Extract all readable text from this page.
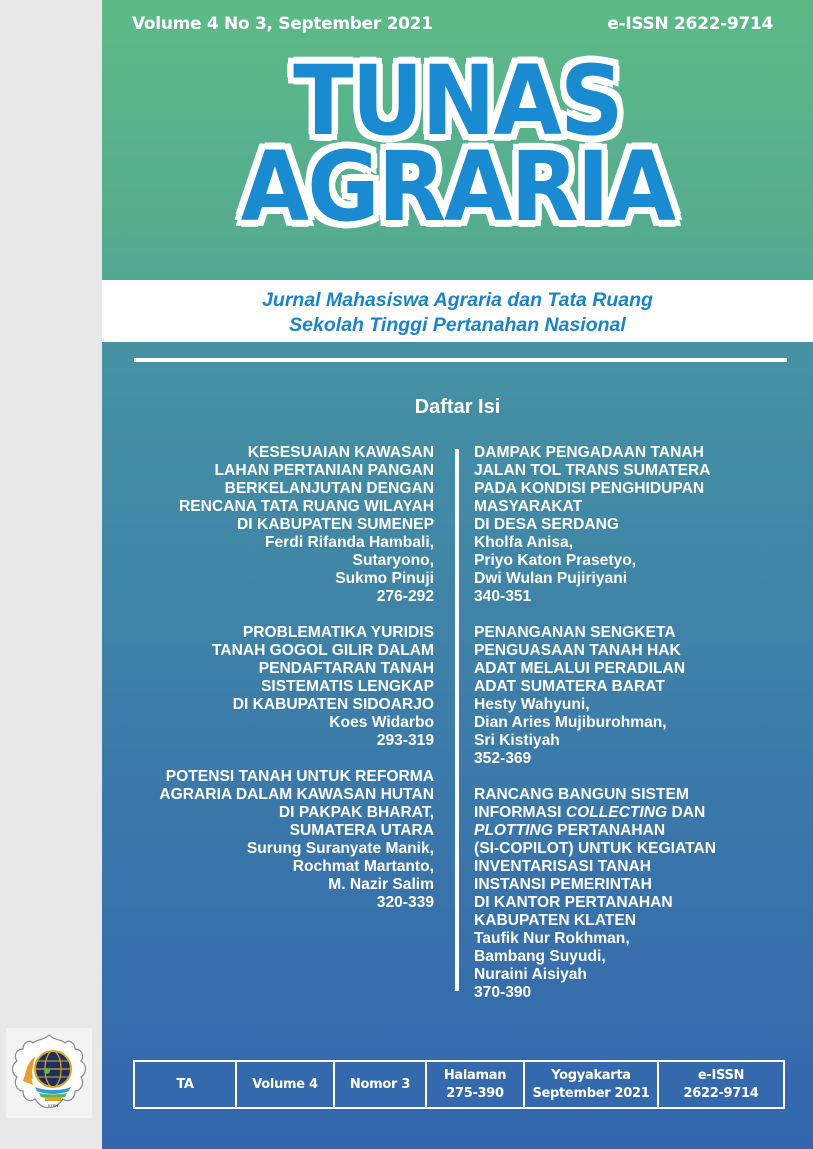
STPN
Volume 4 No 3, September 2021	e-ISSN 2622-9714
TUNAS
AGRARIA
Jurnal Mahasiswa Agraria dan Tata Ruang
Sekolah Tinggi Pertanahan Nasional
Daftar Isi
KESESUAIAN KAWASAN
LAHAN PERTANIAN PANGAN
BERKELANJUTAN DENGAN
RENCANA TATA RUANG WILAYAH
DI KABUPATEN SUMENEP
Ferdi Rifanda Hambali,
Sutaryono,
Sukmo Pinuji
276-292
PROBLEMATIKA YURIDIS
TANAH GOGOL GILIR DALAM
PENDAFTARAN TANAH
SISTEMATIS LENGKAP
DI KABUPATEN SIDOARJO
Koes Widarbo
293-319
POTENSI TANAH UNTUK REFORMA
AGRARIA DALAM KAWASAN HUTAN
DI PAKPAK BHARAT,
SUMATERA UTARA
Surung Suranyate Manik,
Rochmat Martanto,
M. Nazir Salim
320-339
DAMPAK PENGADAAN TANAH
JALAN TOL TRANS SUMATERA
PADA KONDISI PENGHIDUPAN
MASYARAKAT
DI DESA SERDANG
Kholfa Anisa,
Priyo Katon Prasetyo,
Dwi Wulan Pujiriyani
340-351
PENANGANAN SENGKETA
PENGUASAAN TANAH HAK
ADAT MELALUI PERADILAN
ADAT SUMATERA BARAT
Hesty Wahyuni,
Dian Aries Mujiburohman,
Sri Kistiyah
352-369
RANCANG BANGUN SISTEM
INFORMASI COLLECTING DAN
PLOTTING PERTANAHAN
(SI-COPILOT) UNTUK KEGIATAN
INVENTARISASI TANAH
INSTANSI PEMERINTAH
DI KANTOR PERTANAHAN
KABUPATEN KLATEN
Taufik Nur Rokhman,
Bambang Suyudi,
Nuraini Aisiyah
370-390
TA	Volume 4 Nomor 3
Halaman
275-390
Yogyakarta
September 2021
e-ISSN
2622-9714
